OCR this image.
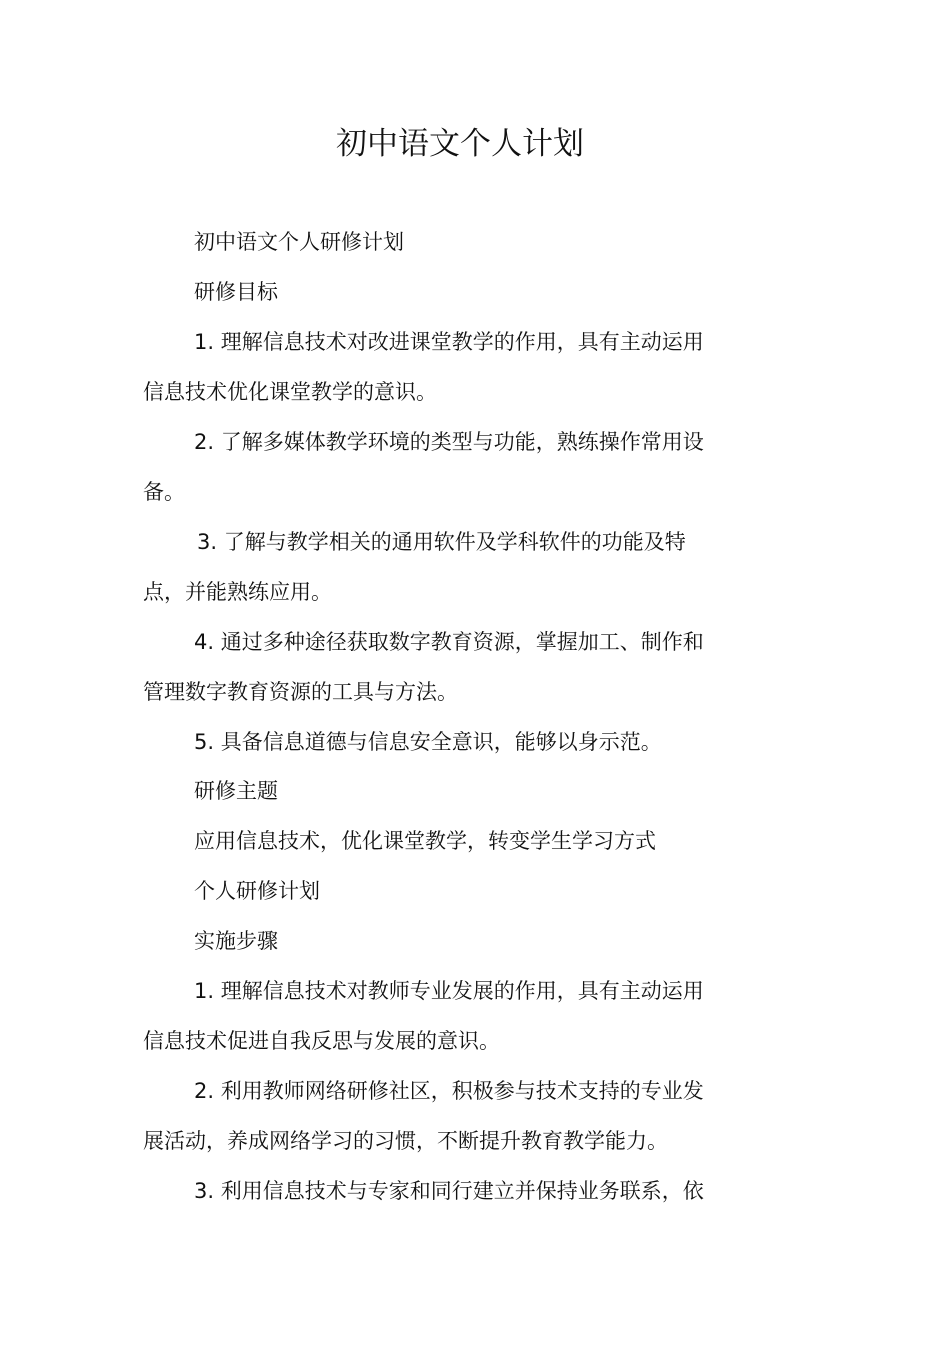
初中语文个人计划

初中语文个人研修计划

研修目标

1. 理解信息技术对改进课堂教学的作用，具有主动运用

信息技术优化课堂教学的意识。

2. 了解多媒体教学环境的类型与功能，熟练操作常用设

备。

3. 了解与教学相关的通用软件及学科软件的功能及特

点，并能熟练应用。

4. 通过多种途径获取数字教育资源，掌握加工、制作和

管理数字教育资源的工具与方法。

5. 具备信息道德与信息安全意识，能够以身示范。

研修主题

应用信息技术，优化课堂教学，转变学生学习方式

个人研修计划

实施步骤

1. 理解信息技术对教师专业发展的作用，具有主动运用

信息技术促进自我反思与发展的意识。

2. 利用教师网络研修社区，积极参与技术支持的专业发

展活动，养成网络学习的习惯，不断提升教育教学能力。

3. 利用信息技术与专家和同行建立并保持业务联系，依
